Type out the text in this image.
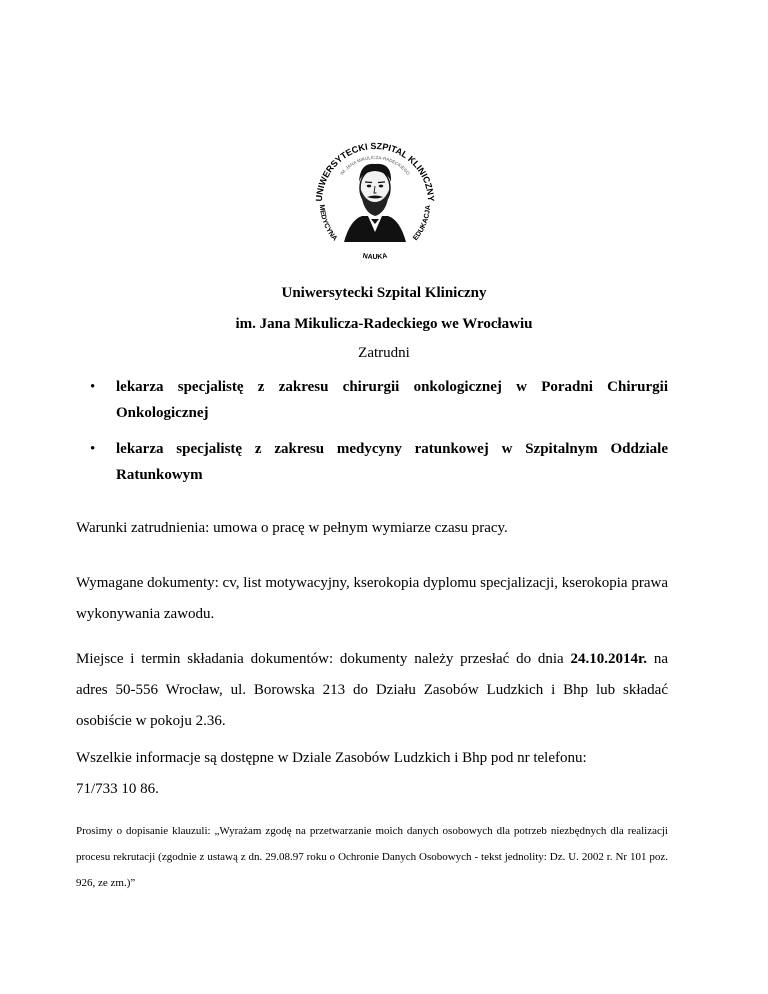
UNIWERSYTECKI SZPITAL KLINICZNY
IM. JANA MIKULICZA-RADECKIEGO
MEDYCYNA
NAUKA
EDUKACJA
Uniwersytecki Szpital Kliniczny
im. Jana Mikulicza-Radeckiego we Wrocławiu
Zatrudni
• lekarza specjalistę z zakresu chirurgii onkologicznej w Poradni Chirurgii Onkologicznej
• lekarza specjalistę z zakresu medycyny ratunkowej w Szpitalnym Oddziale Ratunkowym
Warunki zatrudnienia: umowa o pracę w pełnym wymiarze czasu pracy.
Wymagane dokumenty: cv, list motywacyjny, kserokopia dyplomu specjalizacji, kserokopia prawa wykonywania zawodu.
Miejsce i termin składania dokumentów: dokumenty należy przesłać do dnia 24.10.2014r. na adres 50-556 Wrocław, ul. Borowska 213 do Działu Zasobów Ludzkich i Bhp lub składać osobiście w pokoju 2.36.
Wszelkie informacje są dostępne w Dziale Zasobów Ludzkich i Bhp pod nr telefonu:
71/733 10 86.
Prosimy o dopisanie klauzuli: „Wyrażam zgodę na przetwarzanie moich danych osobowych dla potrzeb niezbędnych dla realizacji procesu rekrutacji (zgodnie z ustawą z dn. 29.08.97 roku o Ochronie Danych Osobowych - tekst jednolity: Dz. U. 2002 r. Nr 101 poz. 926, ze zm.)”
